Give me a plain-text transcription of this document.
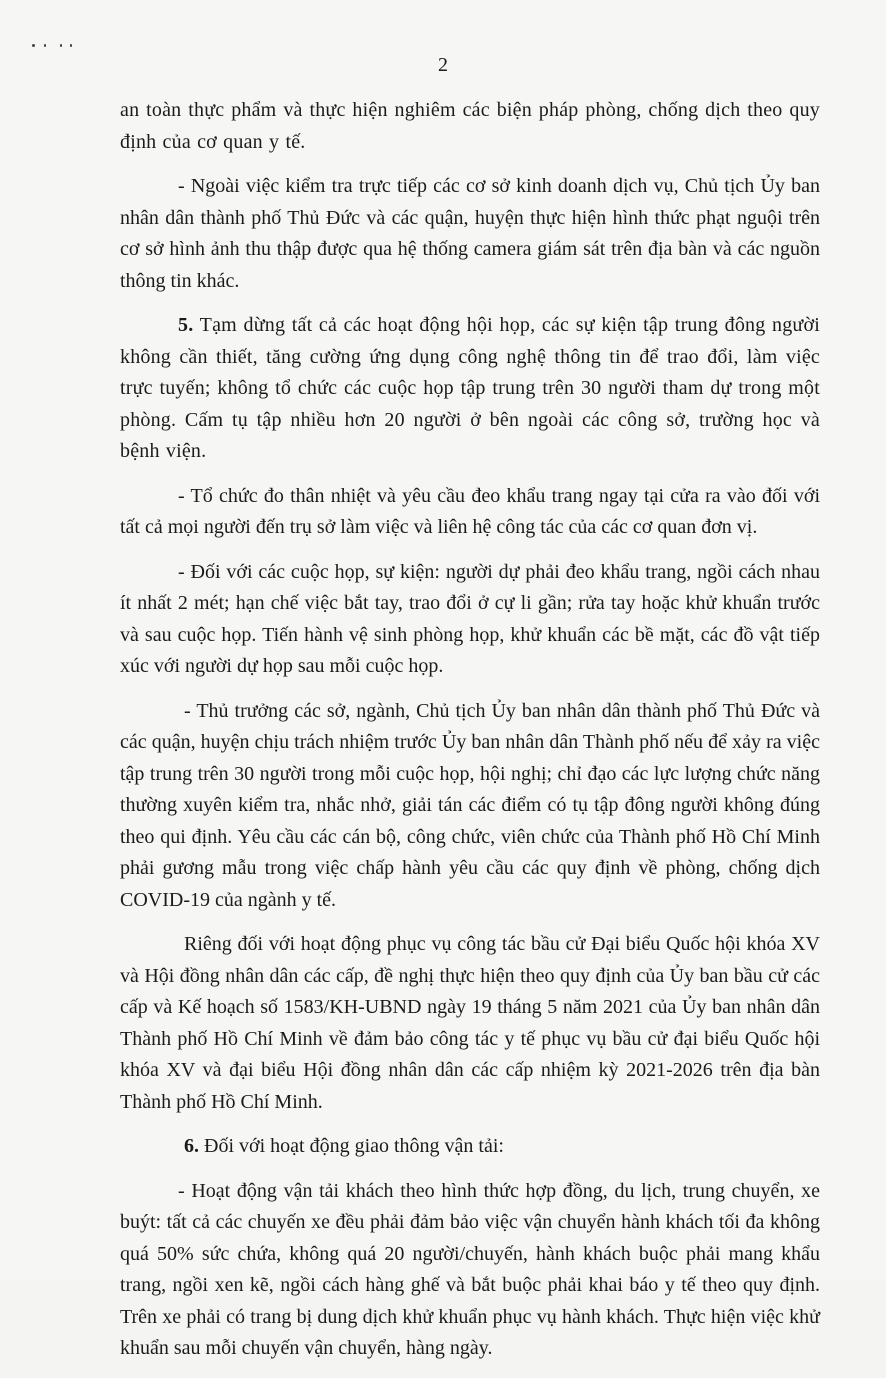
2

an toàn thực phẩm và thực hiện nghiêm các biện pháp phòng, chống dịch theo quy định của cơ quan y tế.

- Ngoài việc kiểm tra trực tiếp các cơ sở kinh doanh dịch vụ, Chủ tịch Ủy ban nhân dân thành phố Thủ Đức và các quận, huyện thực hiện hình thức phạt nguội trên cơ sở hình ảnh thu thập được qua hệ thống camera giám sát trên địa bàn và các nguồn thông tin khác.

5. Tạm dừng tất cả các hoạt động hội họp, các sự kiện tập trung đông người không cần thiết, tăng cường ứng dụng công nghệ thông tin để trao đổi, làm việc trực tuyến; không tổ chức các cuộc họp tập trung trên 30 người tham dự trong một phòng. Cấm tụ tập nhiều hơn 20 người ở bên ngoài các công sở, trường học và bệnh viện.

- Tổ chức đo thân nhiệt và yêu cầu đeo khẩu trang ngay tại cửa ra vào đối với tất cả mọi người đến trụ sở làm việc và liên hệ công tác của các cơ quan đơn vị.

- Đối với các cuộc họp, sự kiện: người dự phải đeo khẩu trang, ngồi cách nhau ít nhất 2 mét; hạn chế việc bắt tay, trao đổi ở cự li gần; rửa tay hoặc khử khuẩn trước và sau cuộc họp. Tiến hành vệ sinh phòng họp, khử khuẩn các bề mặt, các đồ vật tiếp xúc với người dự họp sau mỗi cuộc họp.

- Thủ trưởng các sở, ngành, Chủ tịch Ủy ban nhân dân thành phố Thủ Đức và các quận, huyện chịu trách nhiệm trước Ủy ban nhân dân Thành phố nếu để xảy ra việc tập trung trên 30 người trong mỗi cuộc họp, hội nghị; chỉ đạo các lực lượng chức năng thường xuyên kiểm tra, nhắc nhở, giải tán các điểm có tụ tập đông người không đúng theo qui định. Yêu cầu các cán bộ, công chức, viên chức của Thành phố Hồ Chí Minh phải gương mẫu trong việc chấp hành yêu cầu các quy định về phòng, chống dịch COVID-19 của ngành y tế.

Riêng đối với hoạt động phục vụ công tác bầu cử Đại biểu Quốc hội khóa XV và Hội đồng nhân dân các cấp, đề nghị thực hiện theo quy định của Ủy ban bầu cử các cấp và Kế hoạch số 1583/KH-UBND ngày 19 tháng 5 năm 2021 của Ủy ban nhân dân Thành phố Hồ Chí Minh về đảm bảo công tác y tế phục vụ bầu cử đại biểu Quốc hội khóa XV và đại biểu Hội đồng nhân dân các cấp nhiệm kỳ 2021-2026 trên địa bàn Thành phố Hồ Chí Minh.

6. Đối với hoạt động giao thông vận tải:

- Hoạt động vận tải khách theo hình thức hợp đồng, du lịch, trung chuyển, xe buýt: tất cả các chuyến xe đều phải đảm bảo việc vận chuyển hành khách tối đa không quá 50% sức chứa, không quá 20 người/chuyến, hành khách buộc phải mang khẩu trang, ngồi xen kẽ, ngồi cách hàng ghế và bắt buộc phải khai báo y tế theo quy định. Trên xe phải có trang bị dung dịch khử khuẩn phục vụ hành khách. Thực hiện việc khử khuẩn sau mỗi chuyến vận chuyển, hàng ngày.
